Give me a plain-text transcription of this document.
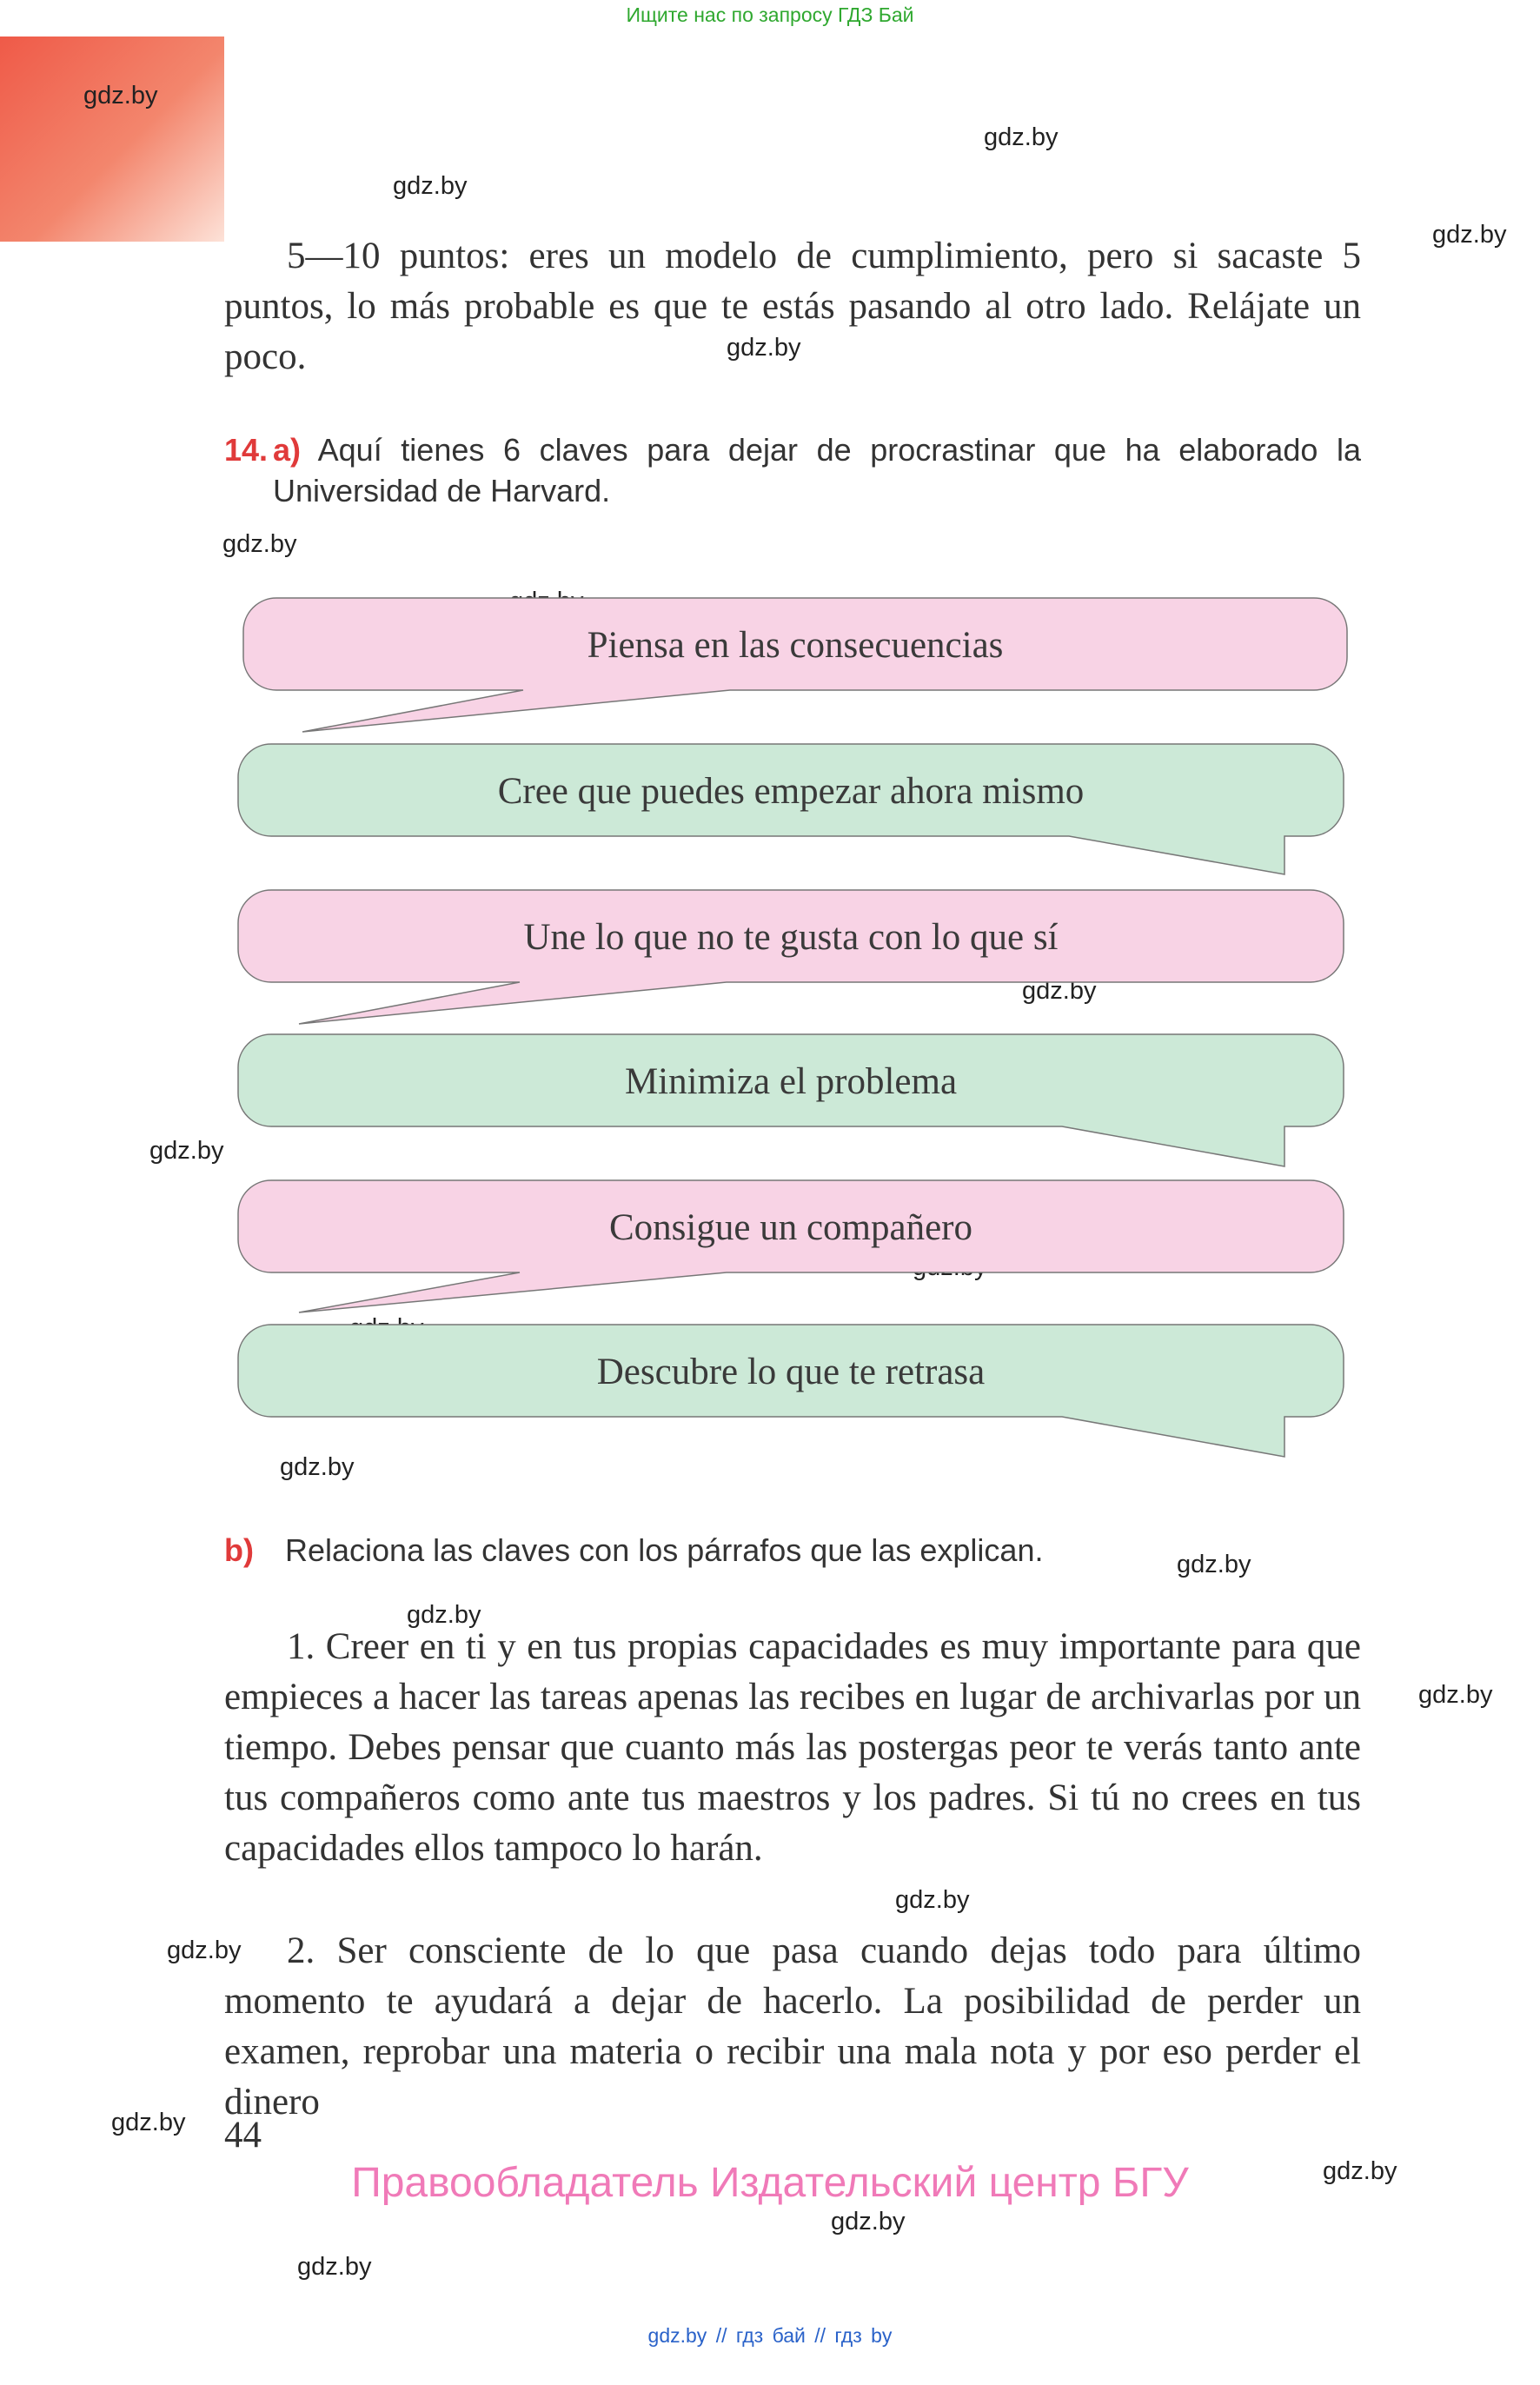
Ищите нас по запросу ГДЗ Бай
gdz.by
gdz.by
gdz.by
gdz.by
gdz.by
gdz.by
gdz.by
gdz.by
gdz.by
gdz.by
gdz.by
gdz.by
gdz.by
gdz.by
gdz.by
gdz.by
gdz.by
gdz.by

5—10 puntos: eres un modelo de cumplimiento, pero si sacaste 5 puntos, lo más probable es que te estás pasando al otro lado. Relájate un poco.

14. a) Aquí tienes 6 claves para dejar de procrastinar que ha elaborado la Universidad de Harvard.
Piensa en las consecuencias
Cree que puedes empezar ahora mismo
Une lo que no te gusta con lo que sí
Minimiza el problema
Consigue un compañero
Descubre lo que te retrasa
b) Relaciona las claves con los párrafos que las explican.

1. Creer en ti y en tus propias capacidades es muy importante para que empieces a hacer las tareas apenas las recibes en lugar de archivarlas por un tiempo. Debes pensar que cuanto más las postergas peor te verás tanto ante tus compañeros como ante tus maestros y los padres. Si tú no crees en tus capacidades ellos tampoco lo harán.

2. Ser consciente de lo que pasa cuando dejas todo para último momento te ayudará a dejar de hacerlo. La posibilidad de perder un examen, reprobar una materia o recibir una mala nota y por eso perder el dinero

44
Правообладатель Издательский центр БГУ
gdz.by // гдз бай // гдз by
